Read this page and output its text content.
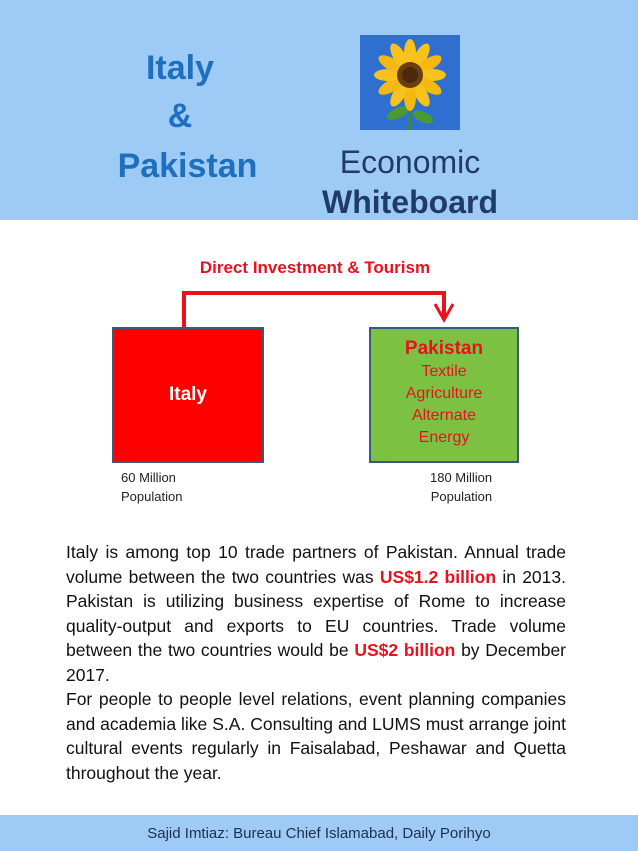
Italy
&
Pakistan	Economic
Whiteboard
Direct Investment & Tourism
Italy
Pakistan
Textile
Agriculture
Alternate
Energy
60 Million
Population
180 Million
Population

Italy is among top 10 trade partners of Pakistan. Annual trade volume between the two countries was US$1.2 billion in 2013. Pakistan is utilizing business expertise of Rome to increase quality-output and exports to EU countries. Trade volume between the two countries would be US$2 billion by December 2017.

For people to people level relations, event planning companies and academia like S.A. Consulting and LUMS must arrange joint cultural events regularly in Faisalabad, Peshawar and Quetta throughout the year.

Sajid Imtiaz: Bureau Chief Islamabad, Daily Porihyo
